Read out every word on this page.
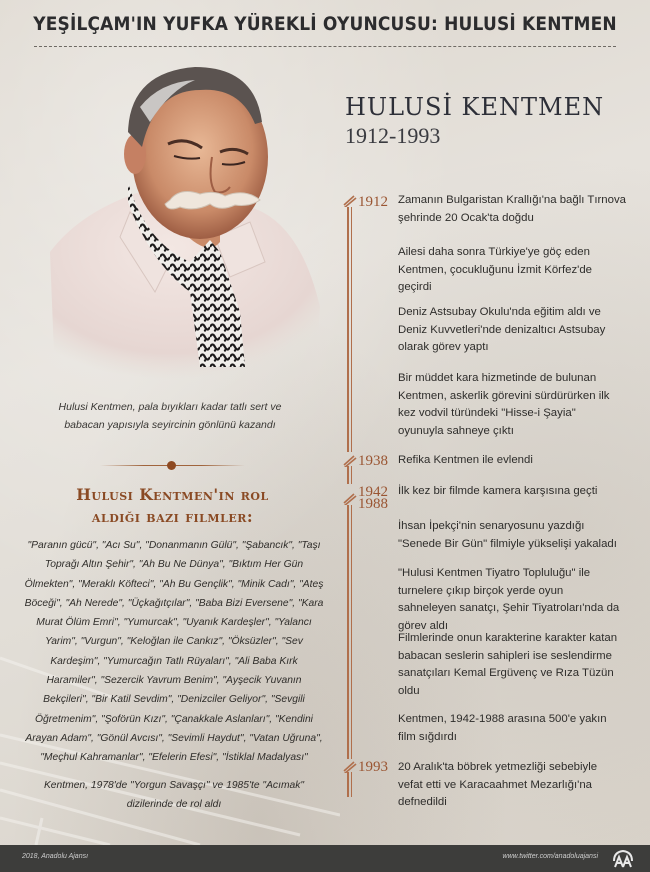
YEŞİLÇAM'IN YUFKA YÜREKLİ OYUNCUSU: HULUSİ KENTMEN
Hulusi Kentmen, pala bıyıkları kadar tatlı sert ve babacan yapısıyla seyircinin gönlünü kazandı
Hulusi Kentmen'in rol
aldığı bazı filmler:
"Paranın gücü", "Acı Su", "Donanmanın Gülü", "Şabancık", "Taşı Toprağı Altın Şehir", "Ah Bu Ne Dünya", "Bıktım Her Gün Ölmekten", "Meraklı Köfteci", "Ah Bu Gençlik", "Minik Cadı", "Ateş Böceği", "Ah Nerede", "Üçkağıtçılar", "Baba Bizi Eversene", "Kara Murat Ölüm Emri", "Yumurcak", "Uyanık Kardeşler", "Yalancı Yarim", "Vurgun", "Keloğlan ile Cankız", "Öksüzler", "Sev Kardeşim", "Yumurcağın Tatlı Rüyaları", "Ali Baba Kırk Haramiler", "Sezercik Yavrum Benim", "Ayşecik Yuvanın Bekçileri", "Bir Katil Sevdim", "Denizciler Geliyor", "Sevgili Öğretmenim", "Şoförün Kızı", "Çanakkale Aslanları", "Kendini Arayan Adam", "Gönül Avcısı", "Sevimli Haydut", "Vatan Uğruna", "Meçhul Kahramanlar", "Efelerin Efesi", "İstiklal Madalyası"
Kentmen, 1978'de "Yorgun Savaşçı" ve 1985'te "Acımak" dizilerinde de rol aldı
HULUSİ KENTMEN
1912-1993
1912
1938
1942
1988
1993
Zamanın Bulgaristan Krallığı'na bağlı Tırnova şehrinde 20 Ocak'ta doğdu
Ailesi daha sonra Türkiye'ye göç eden Kentmen, çocukluğunu İzmit Körfez'de geçirdi
Deniz Astsubay Okulu'nda eğitim aldı ve Deniz Kuvvetleri'nde denizaltıcı Astsubay olarak görev yaptı
Bir müddet kara hizmetinde de bulunan Kentmen, askerlik görevini sürdürürken ilk kez vodvil türündeki "Hisse-i Şayia" oyunuyla sahneye çıktı
Refika Kentmen ile evlendi
İlk kez bir filmde kamera karşısına geçti
İhsan İpekçi'nin senaryosunu yazdığı "Senede Bir Gün" filmiyle yükselişi yakaladı
"Hulusi Kentmen Tiyatro Topluluğu" ile turnelere çıkıp birçok yerde oyun sahneleyen sanatçı, Şehir Tiyatroları'nda da görev aldı
Filmlerinde onun karakterine karakter katan babacan seslerin sahipleri ise seslendirme sanatçıları Kemal Ergüvenç ve Rıza Tüzün oldu
Kentmen, 1942-1988 arasına 500'e yakın film sığdırdı
20 Aralık'ta böbrek yetmezliği sebebiyle vefat etti ve Karacaahmet Mezarlığı'na defnedildi
2018, Anadolu Ajansı	www.twitter.com/anadoluajansi
